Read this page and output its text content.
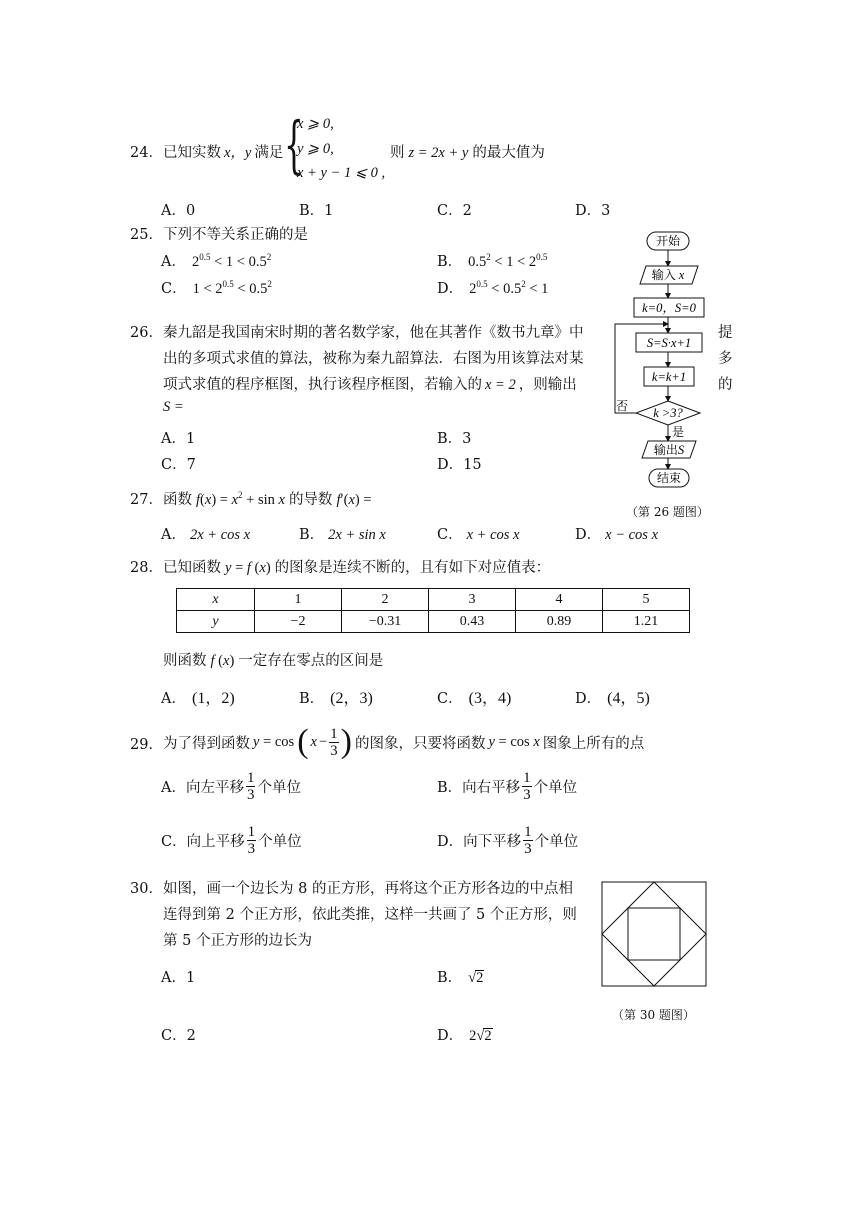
24． 已知实数 x，y 满足 {
x ⩾ 0,
y ⩾ 0,
x + y − 1 ⩽ 0 ,
则 z = 2x + y 的最大值为
A．0	B．1	C．2	D．3
25． 下列不等关系正确的是
A． $2^{0.5} < 1 < 0.5^2$	B． $0.5^2 < 1 < 2^{0.5}$
C． $1 < 2^{0.5} < 0.5^2$	D． $2^{0.5} < 0.5^2 < 1$
26． 秦九韶是我国南宋时期的著名数学家，他在其著作《数书九章》中	提
出的多项式求值的算法，被称为秦九韶算法．右图为用该算法对某	多
项式求值的程序框图，执行该程序框图，若输入的 x = 2 ，则输出	的
S =
A．1	B．3
C．7	D．15
开始
输入 x
k=0，S=0
S=S·x+1
k=k+1
k >3?
否
是
输出S
结束
（第 26 题图）
27． 函数 $f(x) = x^2 + \sin x$ 的导数 f′(x) =
A． 2x + cos x	B． 2x + sin x	C． x + cos x	D． x − cos x
28． 已知函数 y = f (x) 的图象是连续不断的，且有如下对应值表：
x	1	2	3	4	5
y	−2	−0.31	0.43	0.89	1.21
则函数 f (x) 一定存在零点的区间是
A． (1，2)	B． (2，3)	C． (3，4)	D． (4，5)
29． 为了得到函数 y = cos ( $x - \frac{1}{3}$ ) 的图象，只要将函数 y = cos x 图象上所有的点
A．向左平移 $\frac{1}{3}$ 个单位	B．向右平移 $\frac{1}{3}$ 个单位
C．向上平移 $\frac{1}{3}$ 个单位	D．向下平移 $\frac{1}{3}$ 个单位
30． 如图，画一个边长为 8 的正方形，再将这个正方形各边的中点相
连得到第 2 个正方形，依此类推，这样一共画了 5 个正方形，则
第 5 个正方形的边长为
A．1	B． √2
C．2	D． 2√2
（第 30 题图）
